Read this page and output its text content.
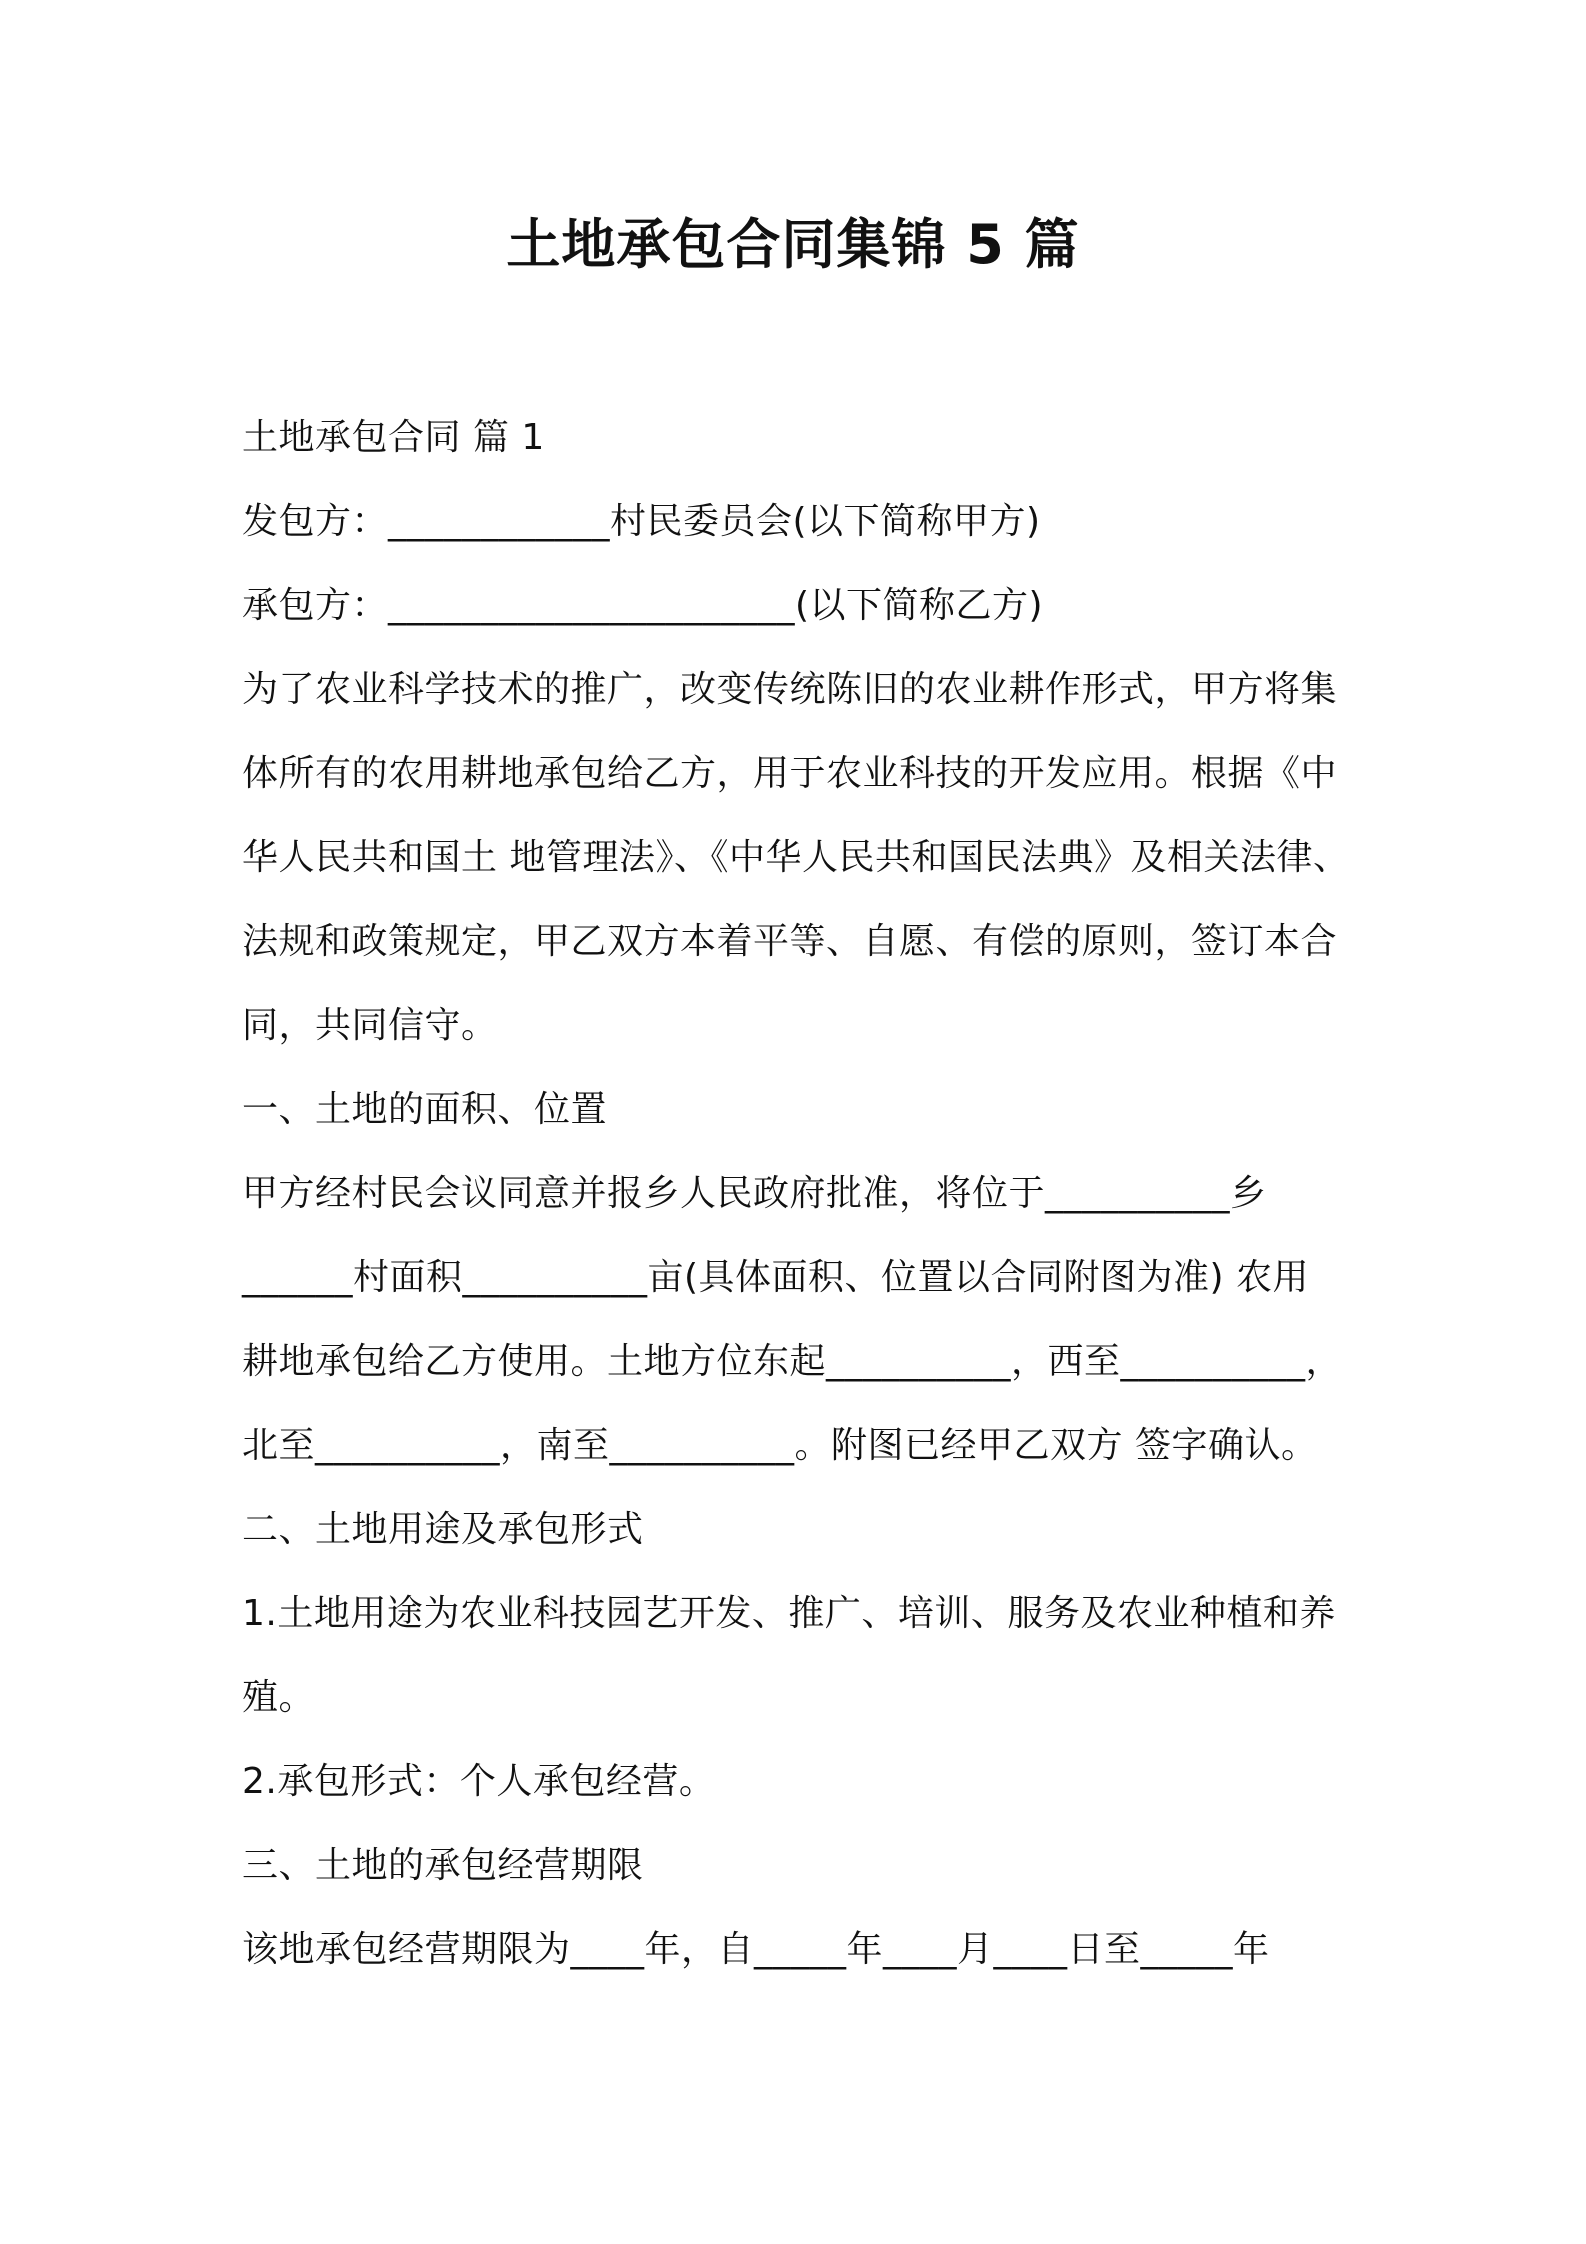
土地承包合同集锦 5 篇
土地承包合同 篇 1
发包方：____________村民委员会(以下简称甲方)
承包方：______________________(以下简称乙方)
为了农业科学技术的推广，改变传统陈旧的农业耕作形式，甲方将集
体所有的农用耕地承包给乙方，用于农业科技的开发应用。根据《中
华人民共和国土 地管理法》、《中华人民共和国民法典》及相关法律、
法规和政策规定，甲乙双方本着平等、自愿、有偿的原则，签订本合
同，共同信守。
一、土地的面积、位置
甲方经村民会议同意并报乡人民政府批准，将位于__________乡
______村面积__________亩(具体面积、位置以合同附图为准) 农用
耕地承包给乙方使用。土地方位东起__________，西至__________，
北至__________，南至__________。附图已经甲乙双方 签字确认。
二、土地用途及承包形式
1.土地用途为农业科技园艺开发、推广、培训、服务及农业种植和养
殖。
2.承包形式：个人承包经营。
三、土地的承包经营期限
该地承包经营期限为____年，自_____年____月____日至_____年
